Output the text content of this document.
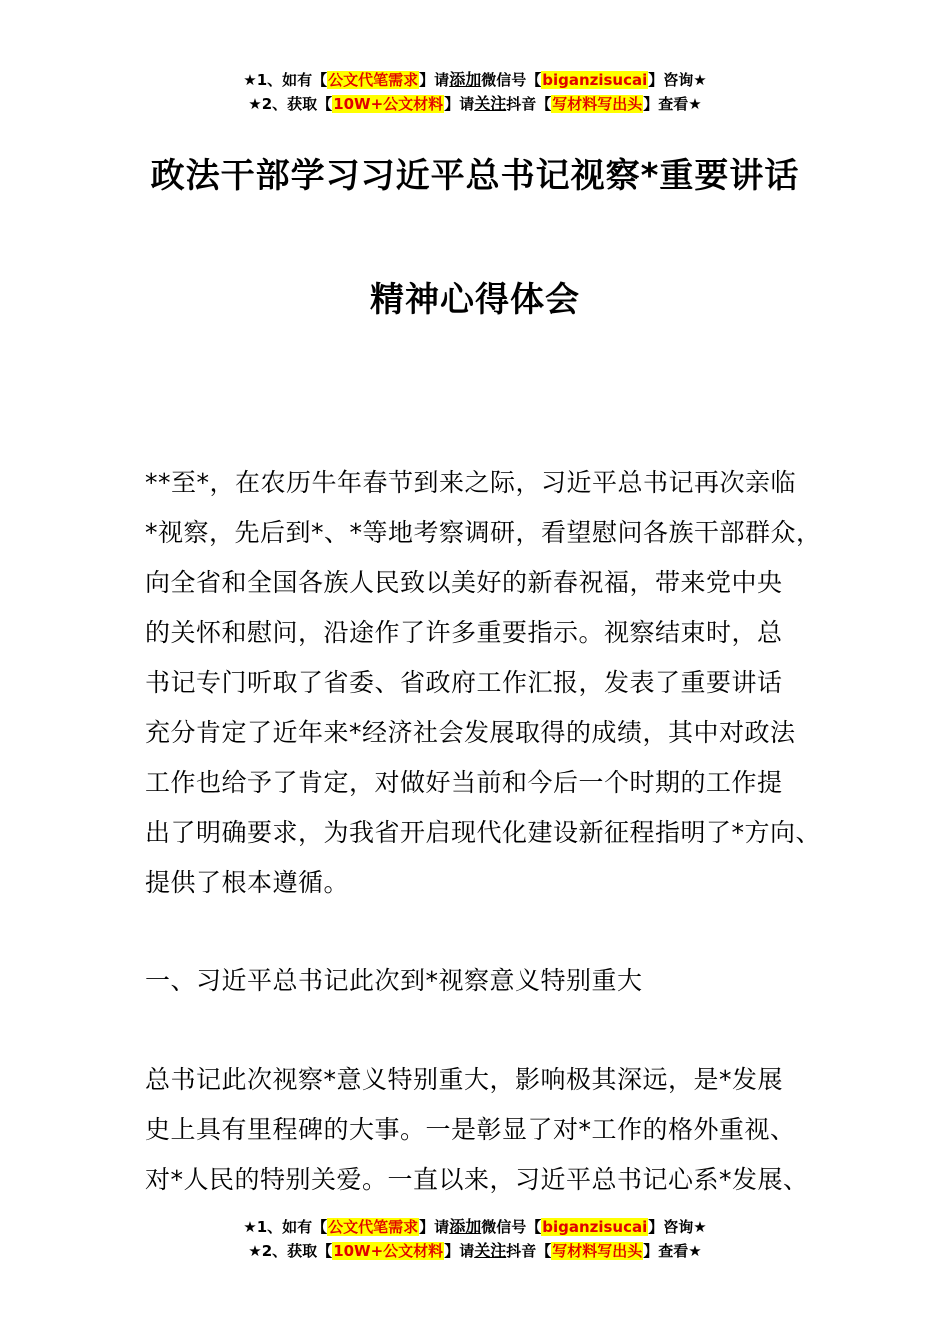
★1、如有【公文代笔需求】请添加微信号【biganzisucai】咨询★
★2、获取【10W+公文材料】请关注抖音【写材料写出头】查看★
政法干部学习习近平总书记视察*重要讲话
精神心得体会
**至*，在农历牛年春节到来之际，习近平总书记再次亲临
*视察，先后到*、*等地考察调研，看望慰问各族干部群众，
向全省和全国各族人民致以美好的新春祝福，带来党中央
的关怀和慰问，沿途作了许多重要指示。视察结束时，总
书记专门听取了省委、省政府工作汇报，发表了重要讲话
充分肯定了近年来*经济社会发展取得的成绩，其中对政法
工作也给予了肯定，对做好当前和今后一个时期的工作提
出了明确要求，为我省开启现代化建设新征程指明了*方向、
提供了根本遵循。
一、习近平总书记此次到*视察意义特别重大
总书记此次视察*意义特别重大，影响极其深远，是*发展
史上具有里程碑的大事。一是彰显了对*工作的格外重视、
对*人民的特别关爱。一直以来，习近平总书记心系*发展、
★1、如有【公文代笔需求】请添加微信号【biganzisucai】咨询★
★2、获取【10W+公文材料】请关注抖音【写材料写出头】查看★
